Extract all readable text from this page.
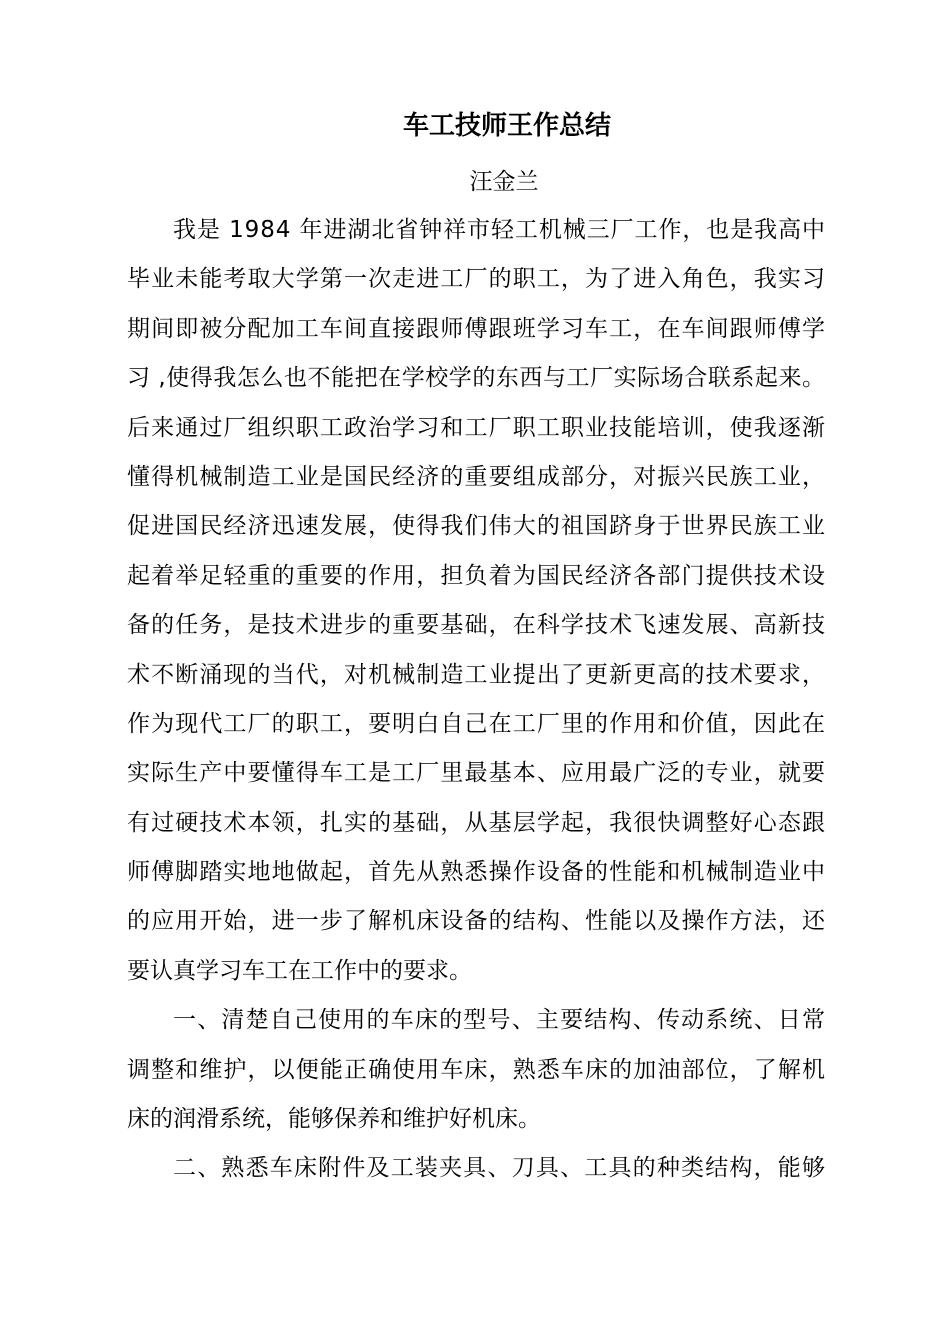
车工技师王作总结
汪金兰
我是 1984 年进湖北省钟祥市轻工机械三厂工作，也是我高中
毕业未能考取大学第一次走进工厂的职工，为了进入角色，我实习
期间即被分配加工车间直接跟师傅跟班学习车工，在车间跟师傅学
习 ,使得我怎么也不能把在学校学的东西与工厂实际场合联系起来。
后来通过厂组织职工政治学习和工厂职工职业技能培训，使我逐渐
懂得机械制造工业是国民经济的重要组成部分，对振兴民族工业，
促进国民经济迅速发展，使得我们伟大的祖国跻身于世界民族工业
起着举足轻重的重要的作用，担负着为国民经济各部门提供技术设
备的任务，是技术进步的重要基础，在科学技术飞速发展、高新技
术不断涌现的当代，对机械制造工业提出了更新更高的技术要求，
作为现代工厂的职工，要明白自己在工厂里的作用和价值，因此在
实际生产中要懂得车工是工厂里最基本、应用最广泛的专业，就要
有过硬技术本领，扎实的基础，从基层学起，我很快调整好心态跟
师傅脚踏实地地做起，首先从熟悉操作设备的性能和机械制造业中
的应用开始，进一步了解机床设备的结构、性能以及操作方法，还
要认真学习车工在工作中的要求。
一、清楚自己使用的车床的型号、主要结构、传动系统、日常
调整和维护，以便能正确使用车床，熟悉车床的加油部位，了解机
床的润滑系统，能够保养和维护好机床。
二、熟悉车床附件及工装夹具、刀具、工具的种类结构，能够
